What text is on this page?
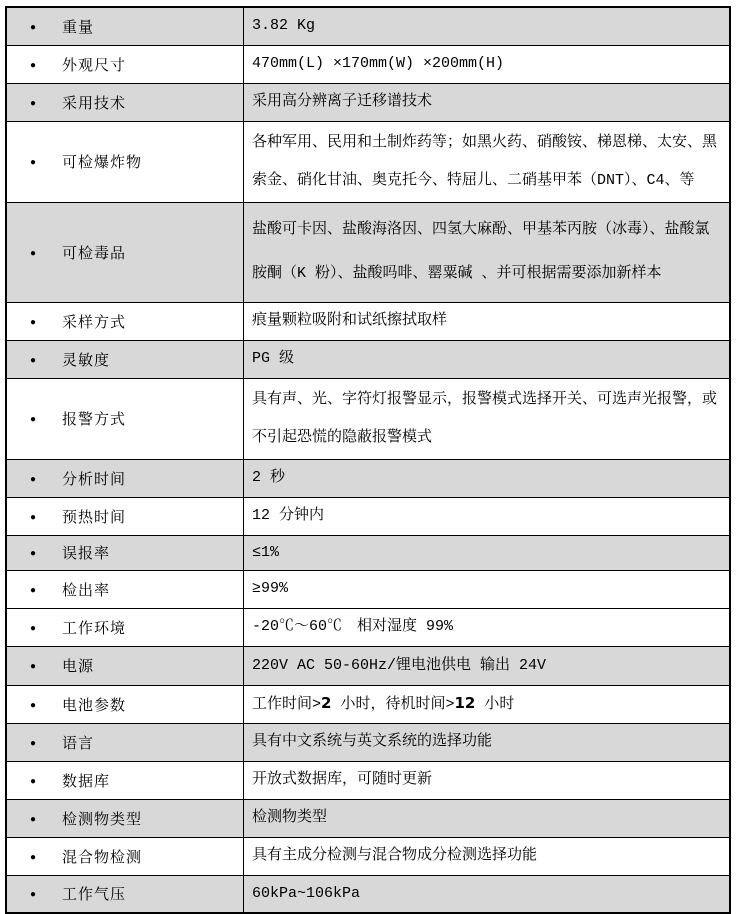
● 重量	3.82 Kg
● 外观尺寸	470mm(L) ×170mm(W) ×200mm(H)
● 采用技术	采用高分辨离子迁移谱技术
● 可检爆炸物	各种军用、民用和土制炸药等；如黑火药、硝酸铵、梯恩梯、太安、黑索金、硝化甘油、奥克托今、特屈儿、二硝基甲苯（DNT）、C4、等
● 可检毒品	盐酸可卡因、盐酸海洛因、四氢大麻酚、甲基苯丙胺（冰毒）、盐酸氯胺酮（K 粉）、盐酸吗啡、罂粟碱 、并可根据需要添加新样本
● 采样方式	痕量颗粒吸附和试纸擦拭取样
● 灵敏度	PG 级
● 报警方式	具有声、光、字符灯报警显示，报警模式选择开关、可选声光报警，或不引起恐慌的隐蔽报警模式
● 分析时间	2 秒
● 预热时间	12 分钟内
● 误报率	≤1%
● 检出率	≥99%
● 工作环境	-20℃～60℃　相对湿度 99%
● 电源	220V AC 50-60Hz/锂电池供电 输出 24V
● 电池参数	工作时间>2 小时，待机时间>12 小时
● 语言	具有中文系统与英文系统的选择功能
● 数据库	开放式数据库，可随时更新
● 检测物类型	检测物类型
● 混合物检测	具有主成分检测与混合物成分检测选择功能
● 工作气压	60kPa~106kPa
